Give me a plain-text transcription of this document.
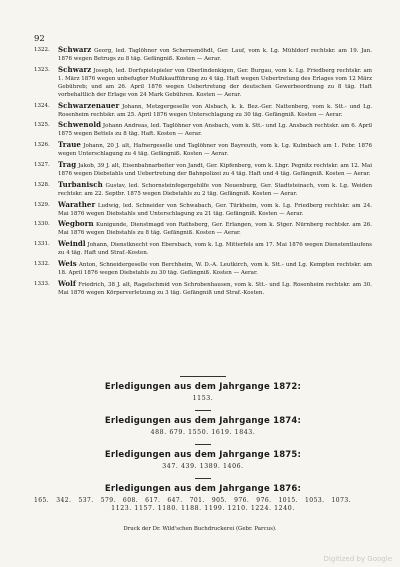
92
1322.	Schwarz Georg, led. Taglöhner von Schernsmöhdt, Ger. Lauf, vom k. Lg. Mühldorf rechtskr. am 19. Jan. 1876 wegen Betrugs zu 8 täg. Gefängniß. Kosten — Aerar.
1323.	Schwarz Joseph, led. Dorfspielspieler von Oberlindenkigen, Ger. Burgau, vom k. Lg. Friedberg rechtskr. am 1. März 1876 wegen unbefugter Mußikaufführung zu 4 täg. Haft wegen Uebertretung des Erlages vom 12 März Gebühreb; und am 26. April 1876 wegen Uebertretung der deutschen Gewerbeordnung zu 8 täg. Haft vorbehaltlich der Erlage von 24 Mark Gebühren. Kosten — Aerar.
1324.	Schwarzenauer Johann, Metzgergeselle von Alsbach, k. k. Bez.-Ger. Nattenberg, vom k. Stt.- und Lg. Rosenheim rechtskr. am 25. April 1876 wegen Unterschlagung zu 30 täg. Gefängniß. Kosten — Aerar.
1325.	Schwenold Johann Andreas, led. Taglöhner von Ansbach, vom k. Stt.- und Lg. Ansbach rechtskr. am 6. April 1875 wegen Bettels zu 8 täg. Haft. Kosten — Aerar.
1326.	Traue Johann, 20 J. alt, Hafnergeselle und Taglöhner von Bayreuth, vom k. Lg. Kulmbach am 1. Febr. 1876 wegen Unterschlagung zu 4 täg. Gefängniß. Kosten — Aerar.
1327.	Trag Jakob, 39 J. alt, Eisenbahnarbeiter von Jandt, Ger. Kipfenberg, vom k. Lbgr. Pegnitz rechtskr. am 12. Mai 1876 wegen Diebstahls und Uebertretung der Bahnpolizei zu 4 täg. Haft und 4 täg. Gefängniß. Kosten — Aerar.
1328.	Turbanisch Gustav, led. Schornsteinfegergehilfe von Neuenburg, Ger. Stadtsteinach, vom k. Lg. Weiden rechtskr. am 22. Septbr. 1875 wegen Diebstahls zu 2 täg. Gefängniß. Kosten — Aerar.
1329.	Warather Ludwig, led. Schneider von Schwabach, Ger. Türkheim, vom k. Lg. Friedberg rechtskr. am 24. Mai 1876 wegen Diebstahls und Unterschlagung zu 21 täg. Gefängniß. Kosten — Aerar.
1330.	Wegborn Kunigunde, Dienstmagd von Rathsberg, Ger. Erlangen, vom k. Stger. Nürnberg rechtskr. am 26. Mai 1876 wegen Diebstahls zu 8 täg. Gefängniß. Kosten — Aerar.
1331.	Weindl Johann, Dienstknecht von Ebersbach, vom k. Lg. Mitterfels am 17. Mai 1876 wegen Dienstentlaufens zu 4 täg. Haft und Straf.-Kosten.
1332.	Weis Anton, Schneidergeselle von Berchheim, W. D.-A. Leutkirch, vom k. Stt.- und Lg. Kempten rechtskr. am 18. April 1876 wegen Diebstahls zu 30 täg. Gefängniß. Kosten — Aerar.
1333.	Wolf Friedrich, 38 J. alt, Ragelschmid von Schrobenhausen, vom k. Stt.- und Lg. Rosenheim rechtskr. am 30. Mai 1876 wegen Körperverletzung zu 3 täg. Gefängniß und Straf.-Kosten.
Erledigungen aus dem Jahrgange 1872:
1153.
Erledigungen aus dem Jahrgange 1874:
488. 679. 1550. 1619. 1843.
Erledigungen aus dem Jahrgange 1875:
347. 439. 1389. 1406.
Erledigungen aus dem Jahrgange 1876:
165.   342.   537.   579.   608.   617.   647.   701.   905.   976.   976.   1015.   1053.   1073.
1123. 1157. 1180. 1188. 1199. 1210. 1224. 1240.
Druck der Dr. Wild'schen Buchdruckerei (Gebr. Parcus).
Digitized by Google
